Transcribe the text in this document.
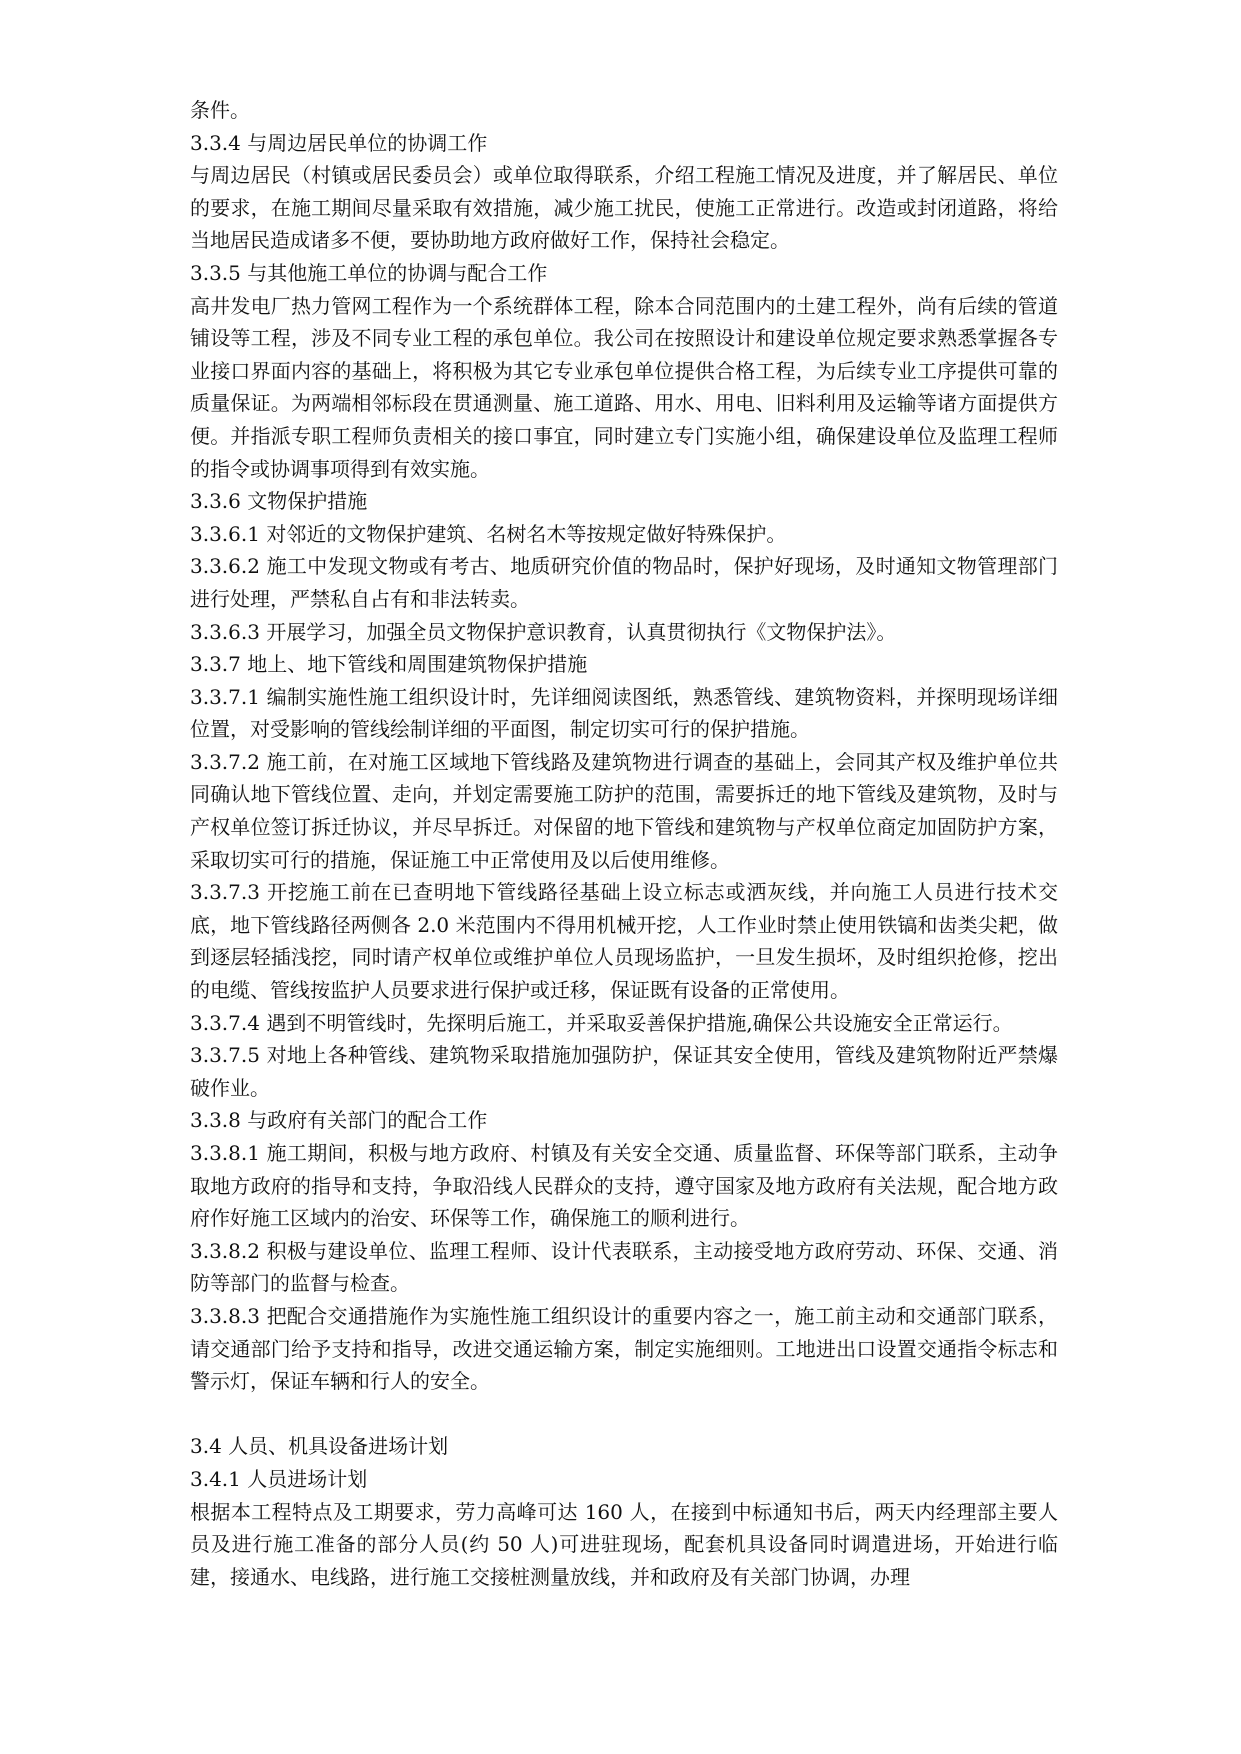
条件。

3.3.4 与周边居民单位的协调工作

与周边居民（村镇或居民委员会）或单位取得联系，介绍工程施工情况及进度，并了解居民、单位的要求，在施工期间尽量采取有效措施，减少施工扰民，使施工正常进行。改造或封闭道路，将给当地居民造成诸多不便，要协助地方政府做好工作，保持社会稳定。

3.3.5 与其他施工单位的协调与配合工作

高井发电厂热力管网工程作为一个系统群体工程，除本合同范围内的土建工程外，尚有后续的管道铺设等工程，涉及不同专业工程的承包单位。我公司在按照设计和建设单位规定要求熟悉掌握各专业接口界面内容的基础上，将积极为其它专业承包单位提供合格工程，为后续专业工序提供可靠的质量保证。为两端相邻标段在贯通测量、施工道路、用水、用电、旧料利用及运输等诸方面提供方便。并指派专职工程师负责相关的接口事宜，同时建立专门实施小组，确保建设单位及监理工程师的指令或协调事项得到有效实施。

3.3.6 文物保护措施

3.3.6.1 对邻近的文物保护建筑、名树名木等按规定做好特殊保护。

3.3.6.2 施工中发现文物或有考古、地质研究价值的物品时，保护好现场，及时通知文物管理部门进行处理，严禁私自占有和非法转卖。

3.3.6.3 开展学习，加强全员文物保护意识教育，认真贯彻执行《文物保护法》。

3.3.7 地上、地下管线和周围建筑物保护措施

3.3.7.1 编制实施性施工组织设计时，先详细阅读图纸，熟悉管线、建筑物资料，并探明现场详细位置，对受影响的管线绘制详细的平面图，制定切实可行的保护措施。

3.3.7.2 施工前，在对施工区域地下管线路及建筑物进行调查的基础上，会同其产权及维护单位共同确认地下管线位置、走向，并划定需要施工防护的范围，需要拆迁的地下管线及建筑物，及时与产权单位签订拆迁协议，并尽早拆迁。对保留的地下管线和建筑物与产权单位商定加固防护方案，采取切实可行的措施，保证施工中正常使用及以后使用维修。

3.3.7.3 开挖施工前在已查明地下管线路径基础上设立标志或洒灰线，并向施工人员进行技术交底，地下管线路径两侧各 2.0 米范围内不得用机械开挖，人工作业时禁止使用铁镐和齿类尖耙，做到逐层轻插浅挖，同时请产权单位或维护单位人员现场监护，一旦发生损坏，及时组织抢修，挖出的电缆、管线按监护人员要求进行保护或迁移，保证既有设备的正常使用。

3.3.7.4 遇到不明管线时，先探明后施工，并采取妥善保护措施,确保公共设施安全正常运行。

3.3.7.5 对地上各种管线、建筑物采取措施加强防护，保证其安全使用，管线及建筑物附近严禁爆破作业。

3.3.8 与政府有关部门的配合工作

3.3.8.1 施工期间，积极与地方政府、村镇及有关安全交通、质量监督、环保等部门联系，主动争取地方政府的指导和支持，争取沿线人民群众的支持，遵守国家及地方政府有关法规，配合地方政府作好施工区域内的治安、环保等工作，确保施工的顺利进行。

3.3.8.2 积极与建设单位、监理工程师、设计代表联系，主动接受地方政府劳动、环保、交通、消防等部门的监督与检查。

3.3.8.3 把配合交通措施作为实施性施工组织设计的重要内容之一，施工前主动和交通部门联系，请交通部门给予支持和指导，改进交通运输方案，制定实施细则。工地进出口设置交通指令标志和警示灯，保证车辆和行人的安全。

3.4 人员、机具设备进场计划

3.4.1 人员进场计划

根据本工程特点及工期要求，劳力高峰可达 160 人，在接到中标通知书后，两天内经理部主要人员及进行施工准备的部分人员(约 50 人)可进驻现场，配套机具设备同时调遣进场，开始进行临建，接通水、电线路，进行施工交接桩测量放线，并和政府及有关部门协调，办理
